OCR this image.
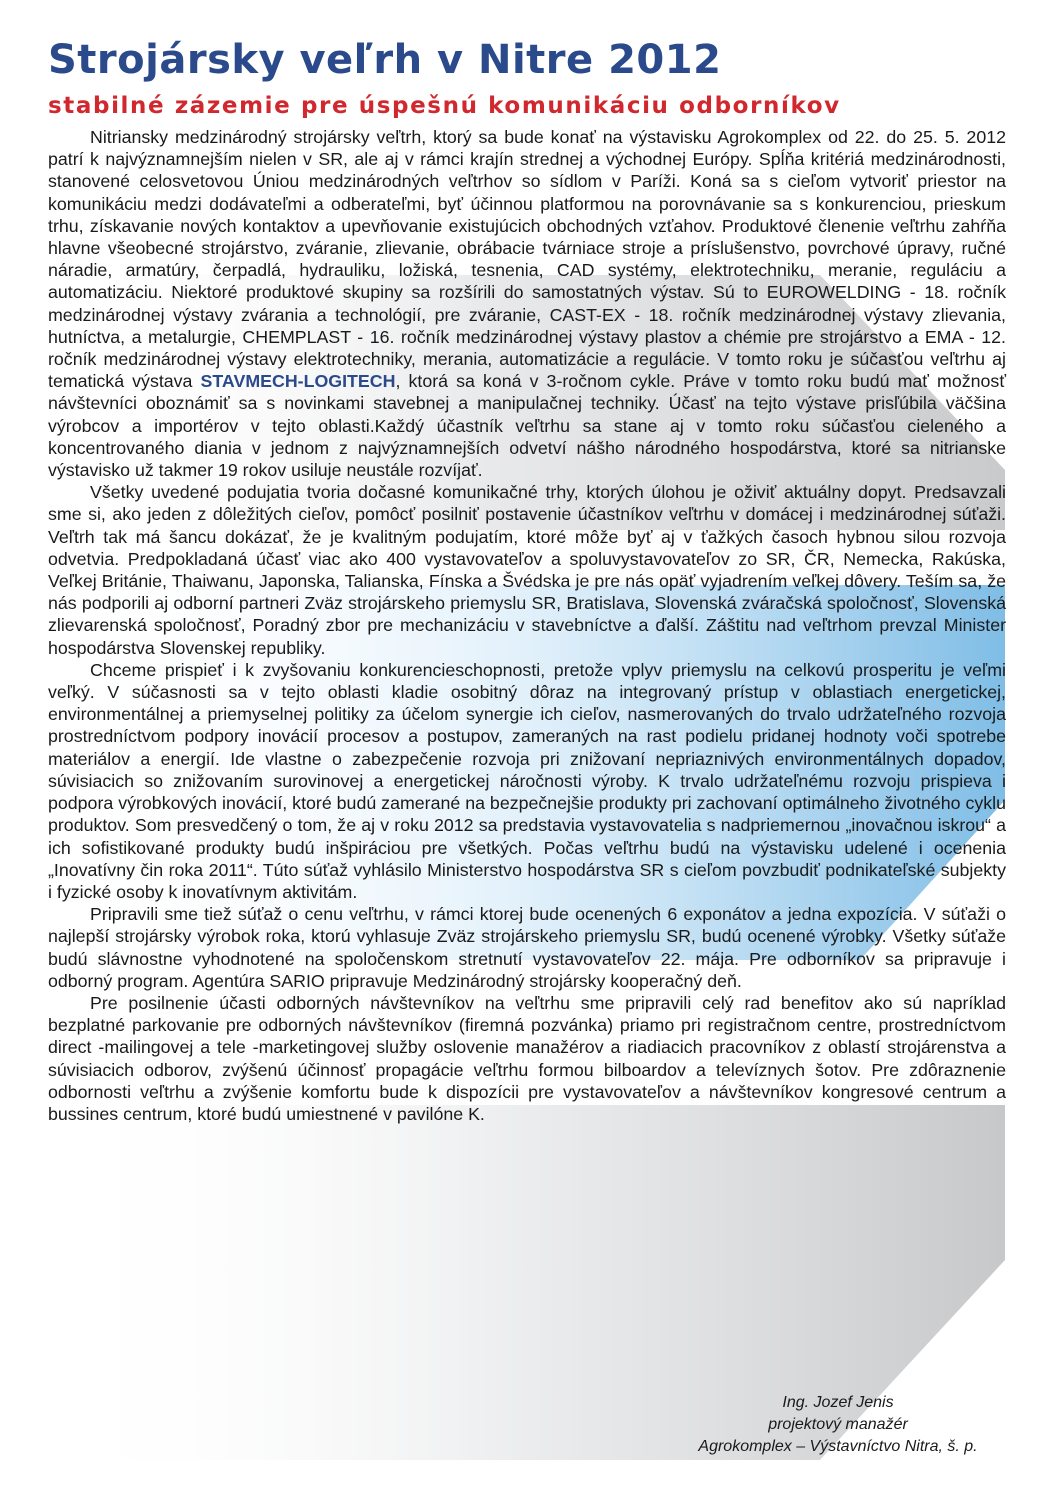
Strojársky veľrh v Nitre 2012
stabilné zázemie pre úspešnú komunikáciu odborníkov

Nitriansky medzinárodný strojársky veľtrh, ktorý sa bude konať na výstavisku Agrokomplex od 22. do 25. 5. 2012 patrí k najvýznamnejším nielen v SR, ale aj v rámci krajín strednej a východnej Európy. Spĺňa kritériá medzinárodnosti, stanovené celosvetovou Úniou medzinárodných veľtrhov so sídlom v Paríži. Koná sa s cieľom vytvoriť priestor na komunikáciu medzi dodávateľmi a odberateľmi, byť účinnou platformou na porovnávanie sa s konkurenciou, prieskum trhu, získavanie nových kontaktov a upevňovanie existujúcich obchodných vzťahov. Produktové členenie veľtrhu zahŕňa hlavne všeobecné strojárstvo, zváranie, zlievanie, obrábacie tvárniace stroje a príslušenstvo, povrchové úpravy, ručné náradie, armatúry, čerpadlá, hydrauliku, ložiská, tesnenia, CAD systémy, elektrotechniku, meranie, reguláciu a automatizáciu. Niektoré produktové skupiny sa rozšírili do samostatných výstav. Sú to EUROWELDING - 18. ročník medzinárodnej výstavy zvárania a technológií, pre zváranie, CAST-EX - 18. ročník medzinárodnej výstavy zlievania, hutníctva, a metalurgie, CHEMPLAST - 16. ročník medzinárodnej výstavy plastov a chémie pre strojárstvo a EMA - 12. ročník medzinárodnej výstavy elektrotechniky, merania, automatizácie a regulácie. V tomto roku je súčasťou veľtrhu aj tematická výstava STAVMECH-LOGITECH, ktorá sa koná v 3-ročnom cykle. Práve v tomto roku budú mať možnosť návštevníci oboznámiť sa s novinkami stavebnej a manipulačnej techniky. Účasť na tejto výstave prisľúbila väčšina výrobcov a importérov v tejto oblasti.Každý účastník veľtrhu sa stane aj v tomto roku súčasťou cieleného a koncentrovaného diania v jednom z najvýznamnejších odvetví nášho národného hospodárstva, ktoré sa nitrianske výstavisko už takmer 19 rokov usiluje neustále rozvíjať.

Všetky uvedené podujatia tvoria dočasné komunikačné trhy, ktorých úlohou je oživiť aktuálny dopyt. Predsavzali sme si, ako jeden z dôležitých cieľov, pomôcť posilniť postavenie účastníkov veľtrhu v domácej i medzinárodnej súťaži. Veľtrh tak má šancu dokázať, že je kvalitným podujatím, ktoré môže byť aj v ťažkých časoch hybnou silou rozvoja odvetvia. Predpokladaná účasť viac ako 400 vystavovateľov a spoluvystavovateľov zo SR, ČR, Nemecka, Rakúska, Veľkej Británie, Thaiwanu, Japonska, Talianska, Fínska a Švédska je pre nás opäť vyjadrením veľkej dôvery. Teším sa, že nás podporili aj odborní partneri Zväz strojárskeho priemyslu SR, Bratislava, Slovenská zváračská spoločnosť, Slovenská zlievarenská spoločnosť, Poradný zbor pre mechanizáciu v stavebníctve a ďalší. Záštitu nad veľtrhom prevzal Minister hospodárstva Slovenskej republiky.

Chceme prispieť i k zvyšovaniu konkurencieschopnosti, pretože vplyv priemyslu na celkovú prosperitu je veľmi veľký. V súčasnosti sa v tejto oblasti kladie osobitný dôraz na integrovaný prístup v oblastiach energetickej, environmentálnej a priemyselnej politiky za účelom synergie ich cieľov, nasmerovaných do trvalo udržateľného rozvoja prostredníctvom podpory inovácií procesov a postupov, zameraných na rast podielu pridanej hodnoty voči spotrebe materiálov a energií. Ide vlastne o zabezpečenie rozvoja pri znižovaní nepriaznivých environmentálnych dopadov, súvisiacich so znižovaním surovinovej a energetickej náročnosti výroby. K trvalo udržateľnému rozvoju prispieva i podpora výrobkových inovácií, ktoré budú zamerané na bezpečnejšie produkty pri zachovaní optimálneho životného cyklu produktov. Som presvedčený o tom, že aj v roku 2012 sa predstavia vystavovatelia s nadpriemernou „inovačnou iskrou“ a ich sofistikované produkty budú inšpiráciou pre všetkých. Počas veľtrhu budú na výstavisku udelené i ocenenia „Inovatívny čin roka 2011“. Túto súťaž vyhlásilo Ministerstvo hospodárstva SR s cieľom povzbudiť podnikateľské subjekty i fyzické osoby k inovatívnym aktivitám.

Pripravili sme tiež súťaž o cenu veľtrhu, v rámci ktorej bude ocenených 6 exponátov a jedna expozícia. V súťaži o najlepší strojársky výrobok roka, ktorú vyhlasuje Zväz strojárskeho priemyslu SR, budú ocenené výrobky. Všetky súťaže budú slávnostne vyhodnotené na spoločenskom stretnutí vystavovateľov 22. mája. Pre odborníkov sa pripravuje i odborný program. Agentúra SARIO pripravuje Medzinárodný strojársky kooperačný deň.

Pre posilnenie účasti odborných návštevníkov na veľtrhu sme pripravili celý rad benefitov ako sú napríklad bezplatné parkovanie pre odborných návštevníkov (firemná pozvánka) priamo pri registračnom centre, prostredníctvom direct -mailingovej a tele -marketingovej služby oslovenie manažérov a riadiacich pracovníkov z oblastí strojárenstva a súvisiacich odborov, zvýšenú účinnosť propagácie veľtrhu formou bilboardov a televíznych šotov. Pre zdôraznenie odbornosti veľtrhu a zvýšenie komfortu bude k dispozícii pre vystavovateľov a návštevníkov kongresové centrum a bussines centrum, ktoré budú umiestnené v pavilóne K.

Ing. Jozef Jenis
projektový manažér
Agrokomplex – Výstavníctvo Nitra, š. p.
